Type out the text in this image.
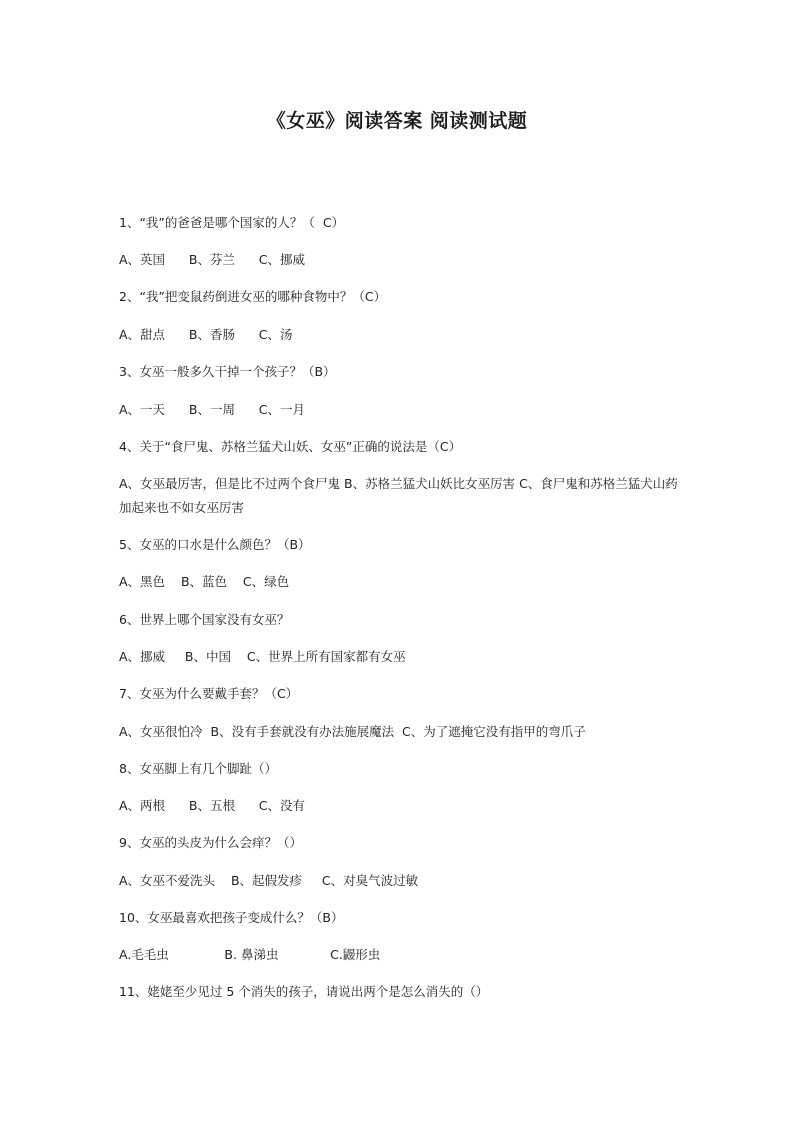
《女巫》阅读答案 阅读测试题
1、“我”的爸爸是哪个国家的人？（  C）
A、英国      B、芬兰      C、挪威
2、“我”把变鼠药倒进女巫的哪种食物中？（C）
A、甜点      B、香肠      C、汤
3、女巫一般多久干掉一个孩子？（B）
A、一天      B、一周      C、一月
4、关于“食尸鬼、苏格兰猛犬山妖、女巫”正确的说法是（C）
A、女巫最厉害，但是比不过两个食尸鬼 B、苏格兰猛犬山妖比女巫厉害 C、食尸鬼和苏格兰猛犬山药加起来也不如女巫厉害
5、女巫的口水是什么颜色？（B）
A、黑色    B、蓝色    C、绿色
6、世界上哪个国家没有女巫？
A、挪威     B、中国    C、世界上所有国家都有女巫
7、女巫为什么要戴手套？（C）
A、女巫很怕冷  B、没有手套就没有办法施展魔法  C、为了遮掩它没有指甲的弯爪子
8、女巫脚上有几个脚趾（）
A、两根      B、五根      C、没有
9、女巫的头皮为什么会痒？（）
A、女巫不爱洗头    B、起假发疹     C、对臭气波过敏
10、女巫最喜欢把孩子变成什么？（B）
A.毛毛虫              B. 鼻涕虫             C.鼹形虫
11、姥姥至少见过 5 个消失的孩子，请说出两个是怎么消失的（）
